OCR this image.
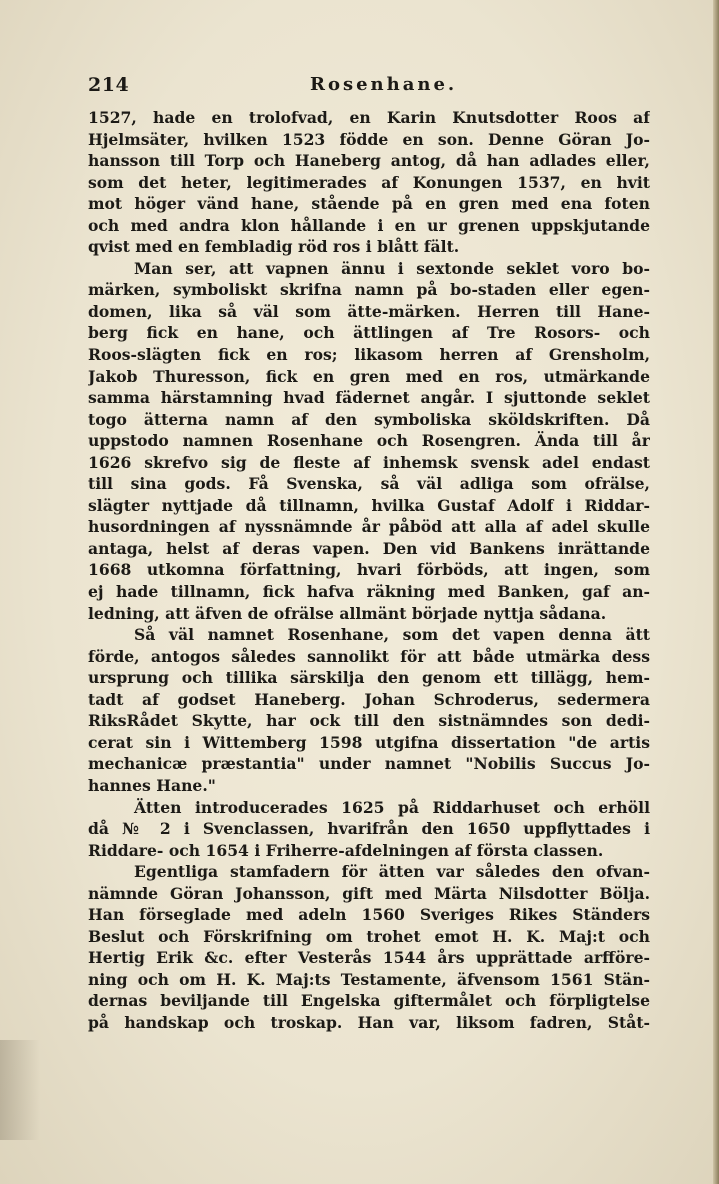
214	Rosenhane.
1527, hade en trolofvad, en Karin Knutsdotter Roos af
Hjelmsäter, hvilken 1523 födde en son. Denne Göran Jo-
hansson till Torp och Haneberg antog, då han adlades eller,
som det heter, legitimerades af Konungen 1537, en hvit
mot höger vänd hane, stående på en gren med ena foten
och med andra klon hållande i en ur grenen uppskjutande
qvist med en fembladig röd ros i blått fält.
Man ser, att vapnen ännu i sextonde seklet voro bo-
märken, symboliskt skrifna namn på bo-staden eller egen-
domen, lika så väl som ätte-märken. Herren till Hane-
berg fick en hane, och ättlingen af Tre Rosors- och
Roos-slägten fick en ros; likasom herren af Grensholm,
Jakob Thuresson, fick en gren med en ros, utmärkande
samma härstamning hvad fädernet angår. I sjuttonde seklet
togo ätterna namn af den symboliska sköldskriften. Då
uppstodo namnen Rosenhane och Rosengren. Ända till år
1626 skrefvo sig de fleste af inhemsk svensk adel endast
till sina gods. Få Svenska, så väl adliga som ofrälse,
slägter nyttjade då tillnamn, hvilka Gustaf Adolf i Riddar-
husordningen af nyssnämnde år påböd att alla af adel skulle
antaga, helst af deras vapen. Den vid Bankens inrättande
1668 utkomna författning, hvari förböds, att ingen, som
ej hade tillnamn, fick hafva räkning med Banken, gaf an-
ledning, att äfven de ofrälse allmänt började nyttja sådana.
Så väl namnet Rosenhane, som det vapen denna ätt
förde, antogos således sannolikt för att både utmärka dess
ursprung och tillika särskilja den genom ett tillägg, hem-
tadt af godset Haneberg. Johan Schroderus, sedermera
RiksRådet Skytte, har ock till den sistnämndes son dedi-
cerat sin i Wittemberg 1598 utgifna dissertation "de artis
mechanicæ præstantia" under namnet "Nobilis Succus Jo-
hannes Hane."
Ätten introducerades 1625 på Riddarhuset och erhöll
då № 2 i Svenclassen, hvarifrån den 1650 uppflyttades i
Riddare- och 1654 i Friherre-afdelningen af första classen.
Egentliga stamfadern för ätten var således den ofvan-
nämnde Göran Johansson, gift med Märta Nilsdotter Bölja.
Han förseglade med adeln 1560 Sveriges Rikes Ständers
Beslut och Förskrifning om trohet emot H. K. Maj:t och
Hertig Erik &c. efter Vesterås 1544 års upprättade arfföre-
ning och om H. K. Maj:ts Testamente, äfvensom 1561 Stän-
dernas beviljande till Engelska giftermålet och förpligtelse
på handskap och troskap. Han var, liksom fadren, Ståt-
